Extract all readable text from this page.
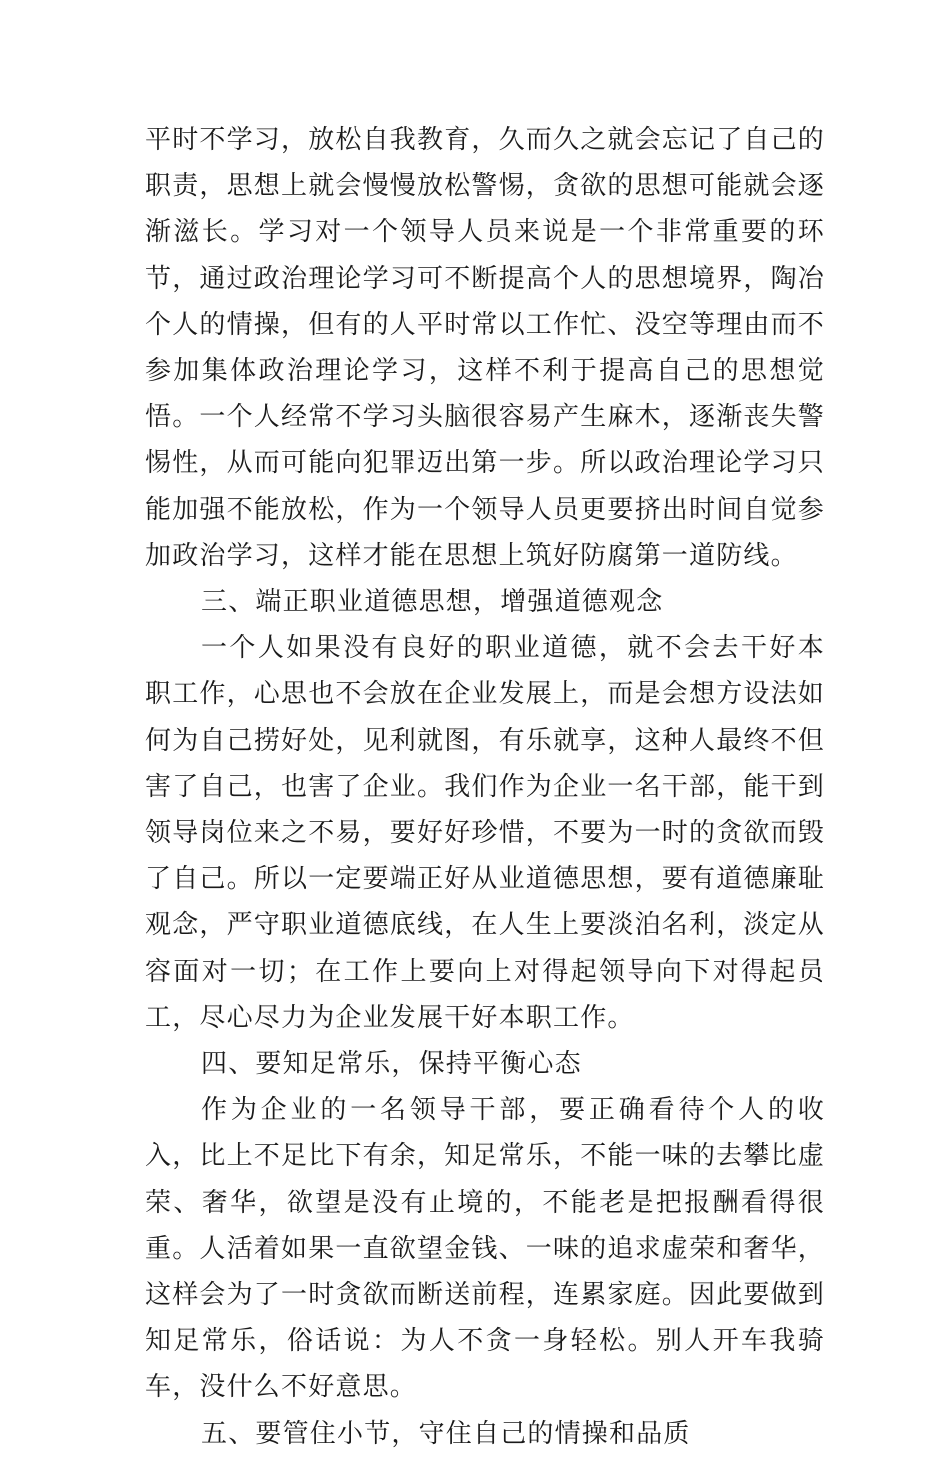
平时不学习，放松自我教育，久而久之就会忘记了自己的职责，思想上就会慢慢放松警惕，贪欲的思想可能就会逐渐滋长。学习对一个领导人员来说是一个非常重要的环节，通过政治理论学习可不断提高个人的思想境界，陶冶个人的情操，但有的人平时常以工作忙、没空等理由而不参加集体政治理论学习，这样不利于提高自己的思想觉悟。一个人经常不学习头脑很容易产生麻木，逐渐丧失警惕性，从而可能向犯罪迈出第一步。所以政治理论学习只能加强不能放松，作为一个领导人员更要挤出时间自觉参加政治学习，这样才能在思想上筑好防腐第一道防线。

三、端正职业道德思想，增强道德观念

一个人如果没有良好的职业道德，就不会去干好本职工作，心思也不会放在企业发展上，而是会想方设法如何为自己捞好处，见利就图，有乐就享，这种人最终不但害了自己，也害了企业。我们作为企业一名干部，能干到领导岗位来之不易，要好好珍惜，不要为一时的贪欲而毁了自己。所以一定要端正好从业道德思想，要有道德廉耻观念，严守职业道德底线，在人生上要淡泊名利，淡定从容面对一切；在工作上要向上对得起领导向下对得起员工，尽心尽力为企业发展干好本职工作。

四、要知足常乐，保持平衡心态

作为企业的一名领导干部，要正确看待个人的收入，比上不足比下有余，知足常乐，不能一味的去攀比虚荣、奢华，欲望是没有止境的，不能老是把报酬看得很重。人活着如果一直欲望金钱、一味的追求虚荣和奢华，这样会为了一时贪欲而断送前程，连累家庭。因此要做到知足常乐，俗话说：为人不贪一身轻松。别人开车我骑车，没什么不好意思。

五、要管住小节，守住自己的情操和品质
